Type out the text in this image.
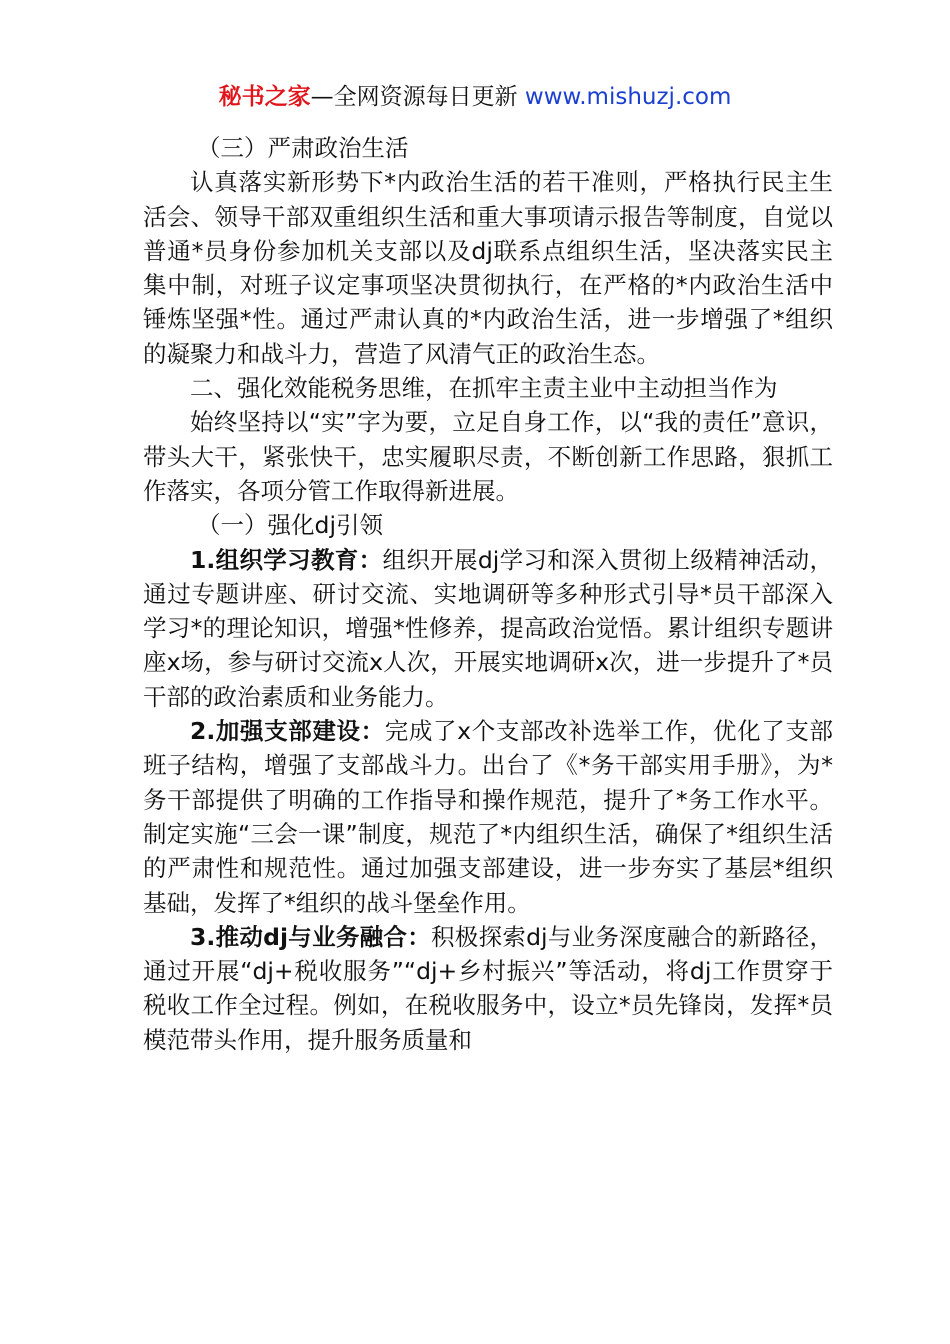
秘书之家—全网资源每日更新 www.mishuzj.com

（三）严肃政治生活

认真落实新形势下*内政治生活的若干准则，严格执行民主生活会、领导干部双重组织生活和重大事项请示报告等制度，自觉以普通*员身份参加机关支部以及dj联系点组织生活，坚决落实民主集中制，对班子议定事项坚决贯彻执行，在严格的*内政治生活中锤炼坚强*性。通过严肃认真的*内政治生活，进一步增强了*组织的凝聚力和战斗力，营造了风清气正的政治生态。

二、强化效能税务思维，在抓牢主责主业中主动担当作为

始终坚持以“实”字为要，立足自身工作，以“我的责任”意识，带头大干，紧张快干，忠实履职尽责，不断创新工作思路，狠抓工作落实，各项分管工作取得新进展。

（一）强化dj引领

1.组织学习教育：组织开展dj学习和深入贯彻上级精神活动，通过专题讲座、研讨交流、实地调研等多种形式引导*员干部深入学习*的理论知识，增强*性修养，提高政治觉悟。累计组织专题讲座x场，参与研讨交流x人次，开展实地调研x次，进一步提升了*员干部的政治素质和业务能力。

2.加强支部建设：完成了x个支部改补选举工作，优化了支部班子结构，增强了支部战斗力。出台了《*务干部实用手册》，为*务干部提供了明确的工作指导和操作规范，提升了*务工作水平。制定实施“三会一课”制度，规范了*内组织生活，确保了*组织生活的严肃性和规范性。通过加强支部建设，进一步夯实了基层*组织基础，发挥了*组织的战斗堡垒作用。

3.推动dj与业务融合：积极探索dj与业务深度融合的新路径，通过开展“dj+税收服务”“dj+乡村振兴”等活动，将dj工作贯穿于税收工作全过程。例如，在税收服务中，设立*员先锋岗，发挥*员模范带头作用，提升服务质量和
